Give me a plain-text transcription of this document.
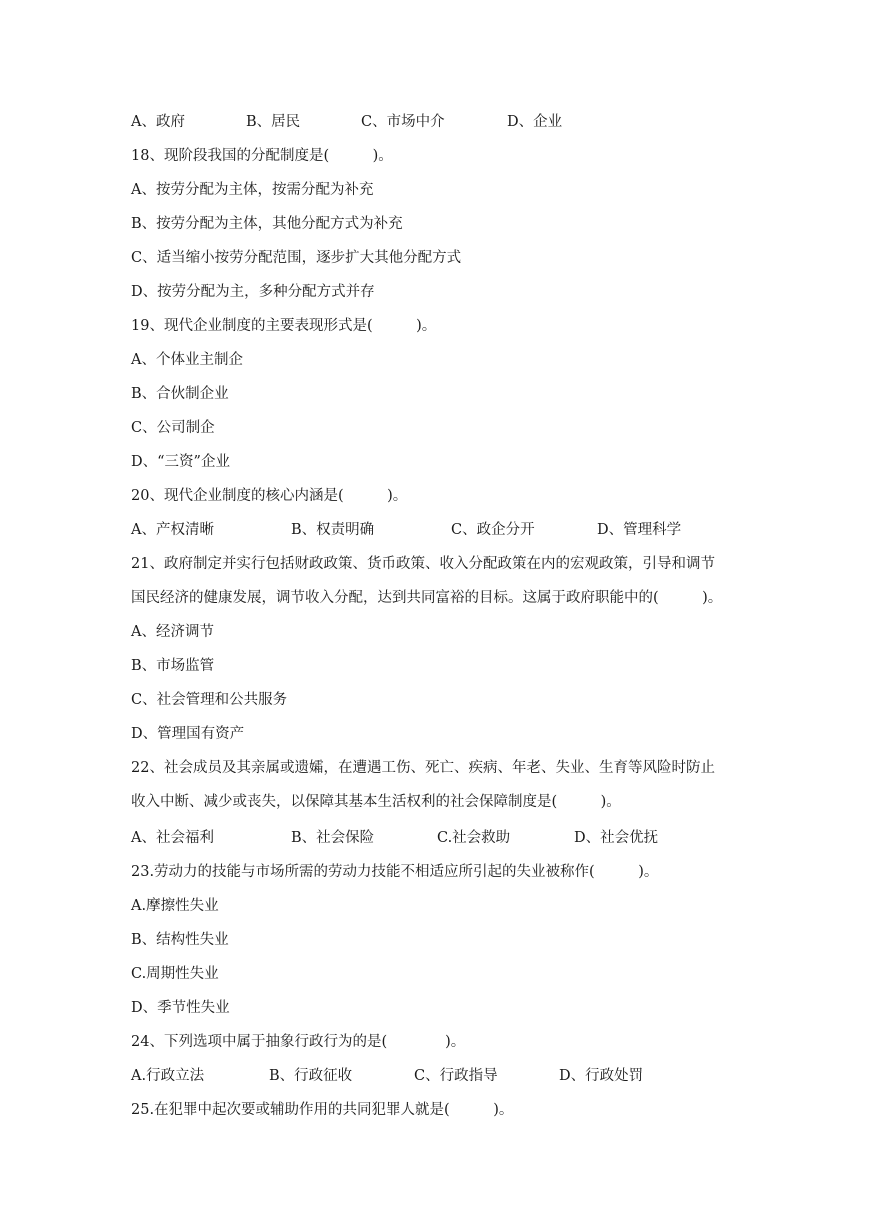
A、政府	B、居民	C、市场中介	D、企业
18、现阶段我国的分配制度是(　　　)。
A、按劳分配为主体，按需分配为补充
B、按劳分配为主体，其他分配方式为补充
C、适当缩小按劳分配范围，逐步扩大其他分配方式
D、按劳分配为主，多种分配方式并存
19、现代企业制度的主要表现形式是(　　　)。
A、个体业主制企
B、合伙制企业
C、公司制企
D、“三资”企业
20、现代企业制度的核心内涵是(　　　)。
A、产权清晰	B、权责明确	C、政企分开	D、管理科学
21、政府制定并实行包括财政政策、货币政策、收入分配政策在内的宏观政策，引导和调节
国民经济的健康发展，调节收入分配，达到共同富裕的目标。这属于政府职能中的(　　　)。
A、经济调节
B、市场监管
C、社会管理和公共服务
D、管理国有资产
22、社会成员及其亲属或遗孀，在遭遇工伤、死亡、疾病、年老、失业、生育等风险时防止
收入中断、减少或丧失，以保障其基本生活权利的社会保障制度是(　　　)。
A、社会福利	B、社会保险	C.社会救助	D、社会优抚
23.劳动力的技能与市场所需的劳动力技能不相适应所引起的失业被称作(　　　)。
A.摩擦性失业
B、结构性失业
C.周期性失业
D、季节性失业
24、下列选项中属于抽象行政行为的是(　　　　)。
A.行政立法	B、行政征收	C、行政指导	D、行政处罚
25.在犯罪中起次要或辅助作用的共同犯罪人就是(　　　)。
